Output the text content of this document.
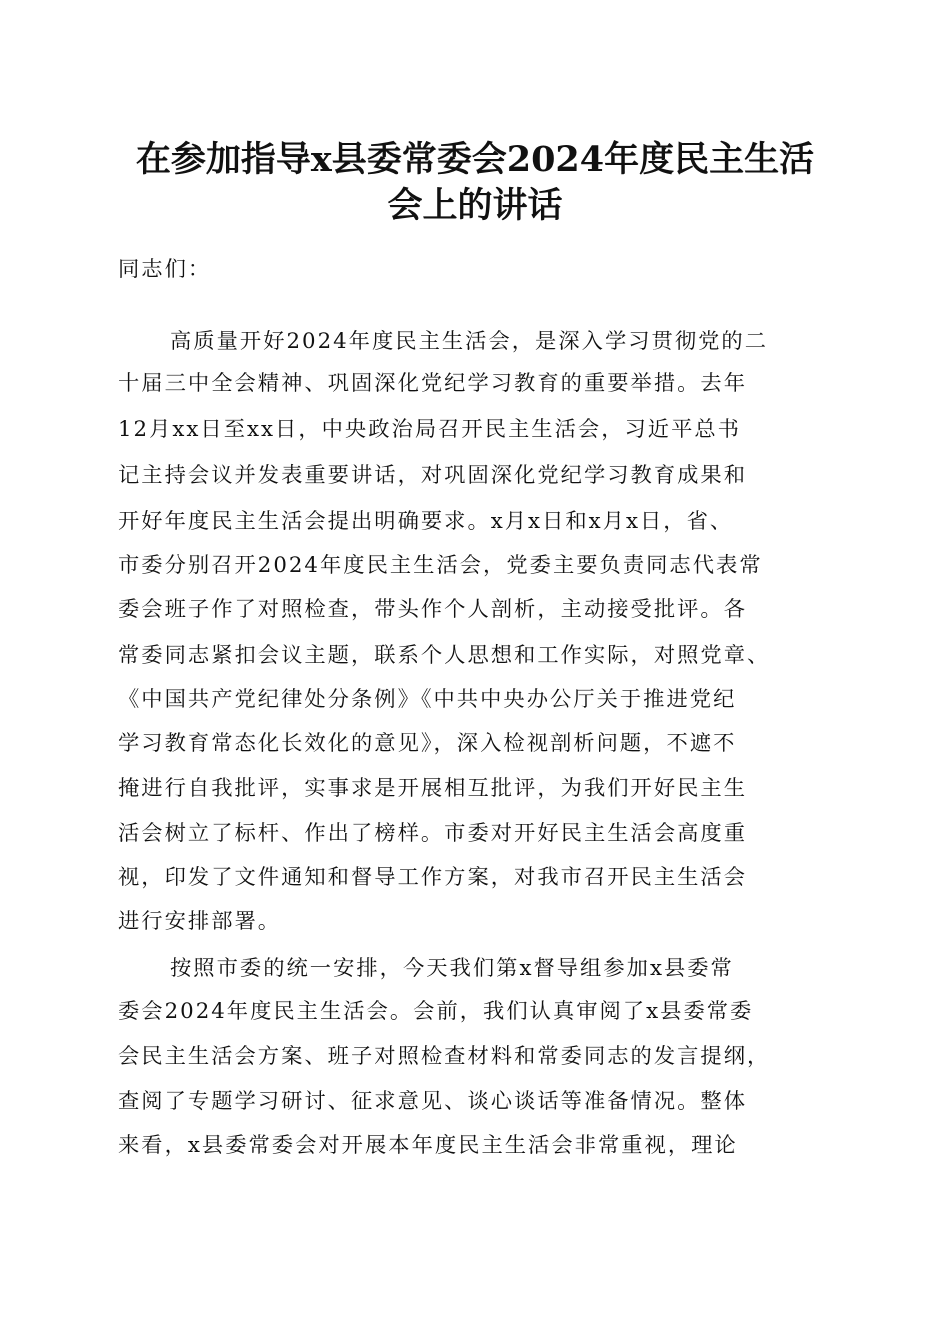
在参加指导x县委常委会2024年度民主生活
会上的讲话
同志们：
高质量开好2024年度民主生活会，是深入学习贯彻党的二
十届三中全会精神、巩固深化党纪学习教育的重要举措。去年
12月xx日至xx日，中央政治局召开民主生活会，习近平总书
记主持会议并发表重要讲话，对巩固深化党纪学习教育成果和
开好年度民主生活会提出明确要求。x月x日和x月x日，省、
市委分别召开2024年度民主生活会，党委主要负责同志代表常
委会班子作了对照检查，带头作个人剖析，主动接受批评。各
常委同志紧扣会议主题，联系个人思想和工作实际，对照党章、
《中国共产党纪律处分条例》《中共中央办公厅关于推进党纪
学习教育常态化长效化的意见》，深入检视剖析问题，不遮不
掩进行自我批评，实事求是开展相互批评，为我们开好民主生
活会树立了标杆、作出了榜样。市委对开好民主生活会高度重
视，印发了文件通知和督导工作方案，对我市召开民主生活会
进行安排部署。
按照市委的统一安排，今天我们第x督导组参加x县委常
委会2024年度民主生活会。会前，我们认真审阅了x县委常委
会民主生活会方案、班子对照检查材料和常委同志的发言提纲，
查阅了专题学习研讨、征求意见、谈心谈话等准备情况。整体
来看，x县委常委会对开展本年度民主生活会非常重视，理论
